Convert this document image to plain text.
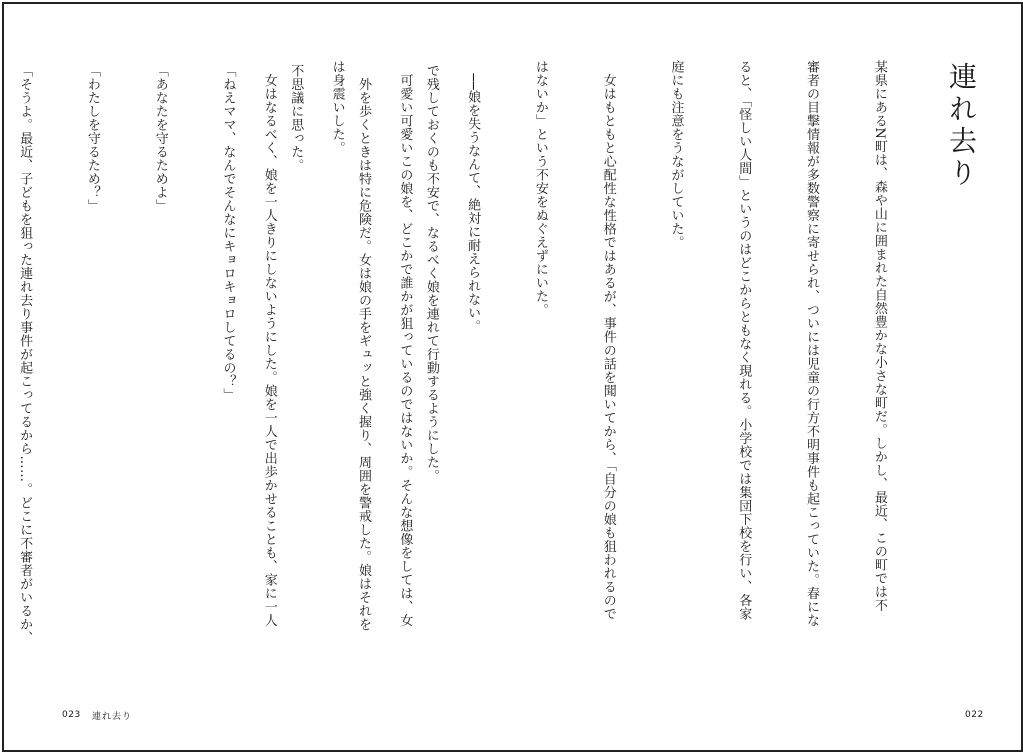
で残しておくのも不安で、なるべく娘を連れて行動するようにした。

　外を歩くときは特に危険だ。女は娘の手をギュッと強く握り、周囲を警戒した。娘はそれを

不思議に思った。

「ねえママ、なんでそんなにキョロキョロしてるの？」

「あなたを守るためよ」

「わたしを守るため？」

「そうよ。最近、子どもを狙った連れ去り事件が起こってるから……。どこに不審者がいるか、

023 連れ去り
連れ去り

某県にあるN町は、森や山に囲まれた自然豊かな小さな町だ。しかし、最近、この町では不

審者の目撃情報が多数警察に寄せられ、ついには児童の行方不明事件も起こっていた。春にな

ると、「怪しい人間」というのはどこからともなく現れる。小学校では集団下校を行い、各家

庭にも注意をうながしていた。

　女はもともと心配性な性格ではあるが、事件の話を聞いてから、「自分の娘も狙われるので

はないか」という不安をぬぐえずにいた。

　──娘を失うなんて、絶対に耐えられない。

　可愛い可愛いこの娘を、どこかで誰かが狙っているのではないか。そんな想像をしては、女

は身震いした。

　女はなるべく、娘を一人きりにしないようにした。娘を一人で出歩かせることも、家に一人

022
